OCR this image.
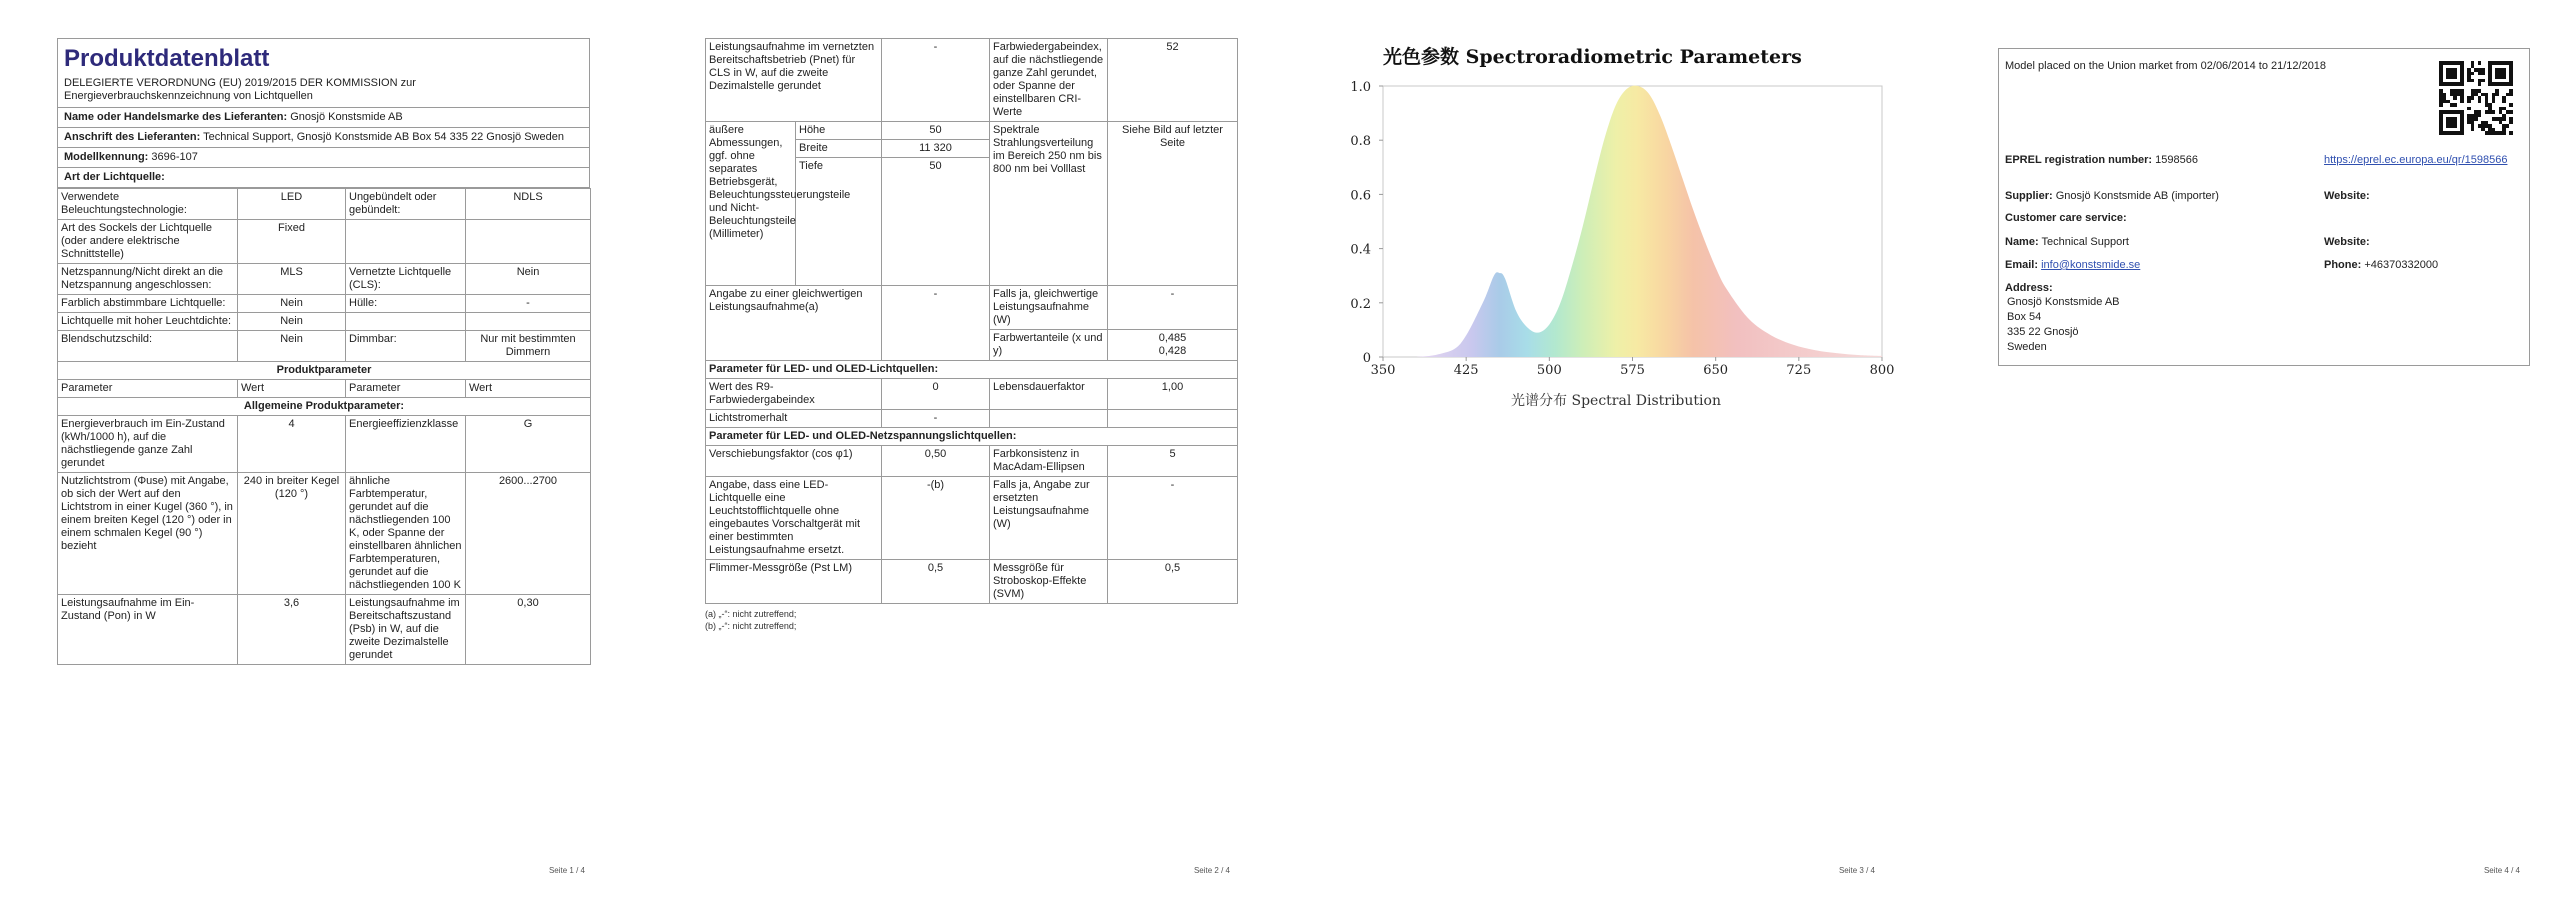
Produktdatenblatt
DELEGIERTE VERORDNUNG (EU) 2019/2015 DER KOMMISSION zur Energieverbrauchskennzeichnung von Lichtquellen
Name oder Handelsmarke des Lieferanten: Gnosjö Konstsmide AB
Anschrift des Lieferanten: Technical Support, Gnosjö Konstsmide AB Box 54 335 22 Gnosjö Sweden
Modellkennung: 3696-107
Art der Lichtquelle:
Verwendete Beleuchtungstechnologie:	LED	Ungebündelt oder gebündelt:	NDLS
Art des Sockels der Lichtquelle (oder andere elektrische Schnittstelle)	Fixed		
Netzspannung/Nicht direkt an die Netzspannung angeschlossen:	MLS	Vernetzte Lichtquelle (CLS):	Nein
Farblich abstimmbare Lichtquelle:	Nein	Hülle:	-
Lichtquelle mit hoher Leuchtdichte:	Nein		
Blendschutzschild:	Nein	Dimmbar:	Nur mit bestimmten Dimmern
Produktparameter			
Parameter	Wert	Parameter	Wert
Allgemeine Produktparameter:			
Energieverbrauch im Ein-Zustand (kWh/1000 h), auf die nächstliegende ganze Zahl gerundet	4	Energieeffizienzklasse	G
Nutzlichtstrom (Φuse) mit Angabe, ob sich der Wert auf den Lichtstrom in einer Kugel (360 °), in einem breiten Kegel (120 °) oder in einem schmalen Kegel (90 °) bezieht	240 in breiter Kegel (120 °)	ähnliche Farbtemperatur, gerundet auf die nächstliegenden 100 K, oder Spanne der einstellbaren ähnlichen Farbtemperaturen, gerundet auf die nächstliegenden 100 K	2600...2700
Leistungsaufnahme im Ein-Zustand (Pon) in W	3,6	Leistungsaufnahme im Bereitschaftszustand (Psb) in W, auf die zweite Dezimalstelle gerundet	0,30
Seite 1 / 4
Leistungsaufnahme im vernetzten Bereitschaftsbetrieb (Pnet) für CLS in W, auf die zweite Dezimalstelle gerundet		-	Farbwiedergabeindex, auf die nächstliegende ganze Zahl gerundet, oder Spanne der einstellbaren CRI-Werte	52
äußere Abmessungen, ggf. ohne separates Betriebsgerät, Beleuchtungssteuerungsteile und Nicht-Beleuchtungsteile (Millimeter)	Höhe	50	Spektrale Strahlungsverteilung im Bereich 250 nm bis 800 nm bei Volllast	Siehe Bild auf letzter Seite
	Breite	11 320		
	Tiefe	50		
Angabe zu einer gleichwertigen Leistungsaufnahme(a)		-	Falls ja, gleichwertige Leistungsaufnahme (W)	-
			Farbwertanteile (x und y)	0,485
0,428
Parameter für LED- und OLED-Lichtquellen:				
Wert des R9-Farbwiedergabeindex		0	Lebensdauerfaktor	1,00
Lichtstromerhalt		-		
Parameter für LED- und OLED-Netzspannungslichtquellen:				
Verschiebungsfaktor (cos φ1)		0,50	Farbkonsistenz in MacAdam-Ellipsen	5
Angabe, dass eine LED-Lichtquelle eine Leuchtstofflichtquelle ohne eingebautes Vorschaltgerät mit einer bestimmten Leistungsaufnahme ersetzt.		-(b)	Falls ja, Angabe zur ersetzten Leistungsaufnahme (W)	-
Flimmer-Messgröße (Pst LM)		0,5	Messgröße für Stroboskop-Effekte (SVM)	0,5
(a) „-“: nicht zutreffend;
(b) „-“: nicht zutreffend;
Seite 2 / 4
光色参数 Spectroradiometric Parameters
光谱分布 Spectral Distribution
350	425	500	575	650	725	800
0
0.2
0.4
0.6
0.8
1.0
Seite 3 / 4
Model placed on the Union market from 02/06/2014 to 21/12/2018
EPREL registration number: 1598566	https://eprel.ec.europa.eu/qr/1598566
Supplier: Gnosjö Konstsmide AB (importer)	Website:
Customer care service:
Name: Technical Support	Website:
Email: info@konstsmide.se	Phone: +46370332000
Address:
Gnosjö Konstsmide AB
Box 54
335 22 Gnosjö
Sweden
Seite 4 / 4
